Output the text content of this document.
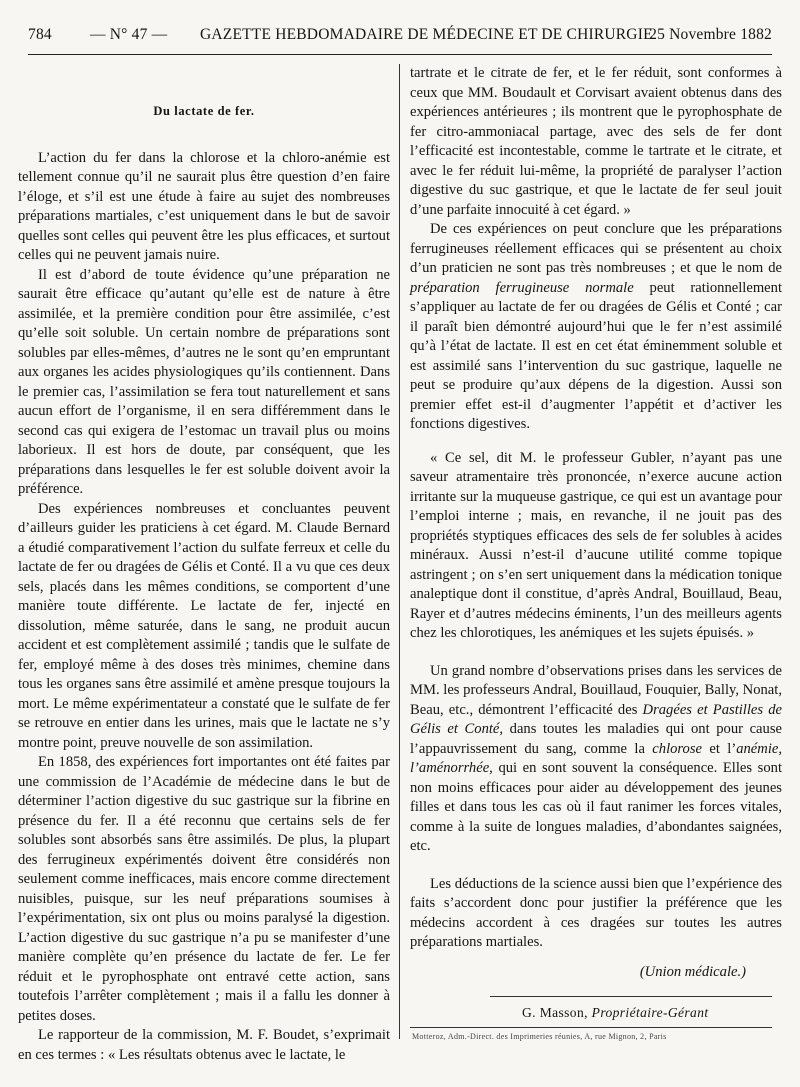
784 — N° 47 — GAZETTE HEBDOMADAIRE DE MÉDECINE ET DE CHIRURGIE
25 Novembre 1882

Du lactate de fer.

L’action du fer dans la chlorose et la chloro-anémie est tellement connue qu’il ne saurait plus être question d’en faire l’éloge, et s’il est une étude à faire au sujet des nombreuses préparations martiales, c’est uniquement dans le but de savoir quelles sont celles qui peuvent être les plus efficaces, et surtout celles qui ne peuvent jamais nuire.

Il est d’abord de toute évidence qu’une préparation ne saurait être efficace qu’autant qu’elle est de nature à être assimilée, et la première condition pour être assimilée, c’est qu’elle soit soluble. Un certain nombre de préparations sont solubles par elles-mêmes, d’autres ne le sont qu’en empruntant aux organes les acides physiologiques qu’ils contiennent. Dans le premier cas, l’assimilation se fera tout naturellement et sans aucun effort de l’organisme, il en sera différemment dans le second cas qui exigera de l’estomac un travail plus ou moins laborieux. Il est hors de doute, par conséquent, que les préparations dans lesquelles le fer est soluble doivent avoir la préférence.

Des expériences nombreuses et concluantes peuvent d’ailleurs guider les praticiens à cet égard. M. Claude Bernard a étudié comparativement l’action du sulfate ferreux et celle du lactate de fer ou dragées de Gélis et Conté. Il a vu que ces deux sels, placés dans les mêmes conditions, se comportent d’une manière toute différente. Le lactate de fer, injecté en dissolution, même saturée, dans le sang, ne produit aucun accident et est complètement assimilé ; tandis que le sulfate de fer, employé même à des doses très minimes, chemine dans tous les organes sans être assimilé et amène presque toujours la mort. Le même expérimentateur a constaté que le sulfate de fer se retrouve en entier dans les urines, mais que le lactate ne s’y montre point, preuve nouvelle de son assimilation.

En 1858, des expériences fort importantes ont été faites par une commission de l’Académie de médecine dans le but de déterminer l’action digestive du suc gastrique sur la fibrine en présence du fer. Il a été reconnu que certains sels de fer solubles sont absorbés sans être assimilés. De plus, la plupart des ferrugineux expérimentés doivent être considérés non seulement comme inefficaces, mais encore comme directement nuisibles, puisque, sur les neuf préparations soumises à l’expérimentation, six ont plus ou moins paralysé la digestion. L’action digestive du suc gastrique n’a pu se manifester d’une manière complète qu’en présence du lactate de fer. Le fer réduit et le pyrophosphate ont entravé cette action, sans toutefois l’arrêter complètement ; mais il a fallu les donner à petites doses.

Le rapporteur de la commission, M. F. Boudet, s’exprimait en ces termes : « Les résultats obtenus avec le lactate, le

tartrate et le citrate de fer, et le fer réduit, sont conformes à ceux que MM. Boudault et Corvisart avaient obtenus dans des expériences antérieures ; ils montrent que le pyrophosphate de fer citro-ammoniacal partage, avec des sels de fer dont l’efficacité est incontestable, comme le tartrate et le citrate, et avec le fer réduit lui-même, la propriété de paralyser l’action digestive du suc gastrique, et que le lactate de fer seul jouit d’une parfaite innocuité à cet égard. »

De ces expériences on peut conclure que les préparations ferrugineuses réellement efficaces qui se présentent au choix d’un praticien ne sont pas très nombreuses ; et que le nom de préparation ferrugineuse normale peut rationnellement s’appliquer au lactate de fer ou dragées de Gélis et Conté ; car il paraît bien démontré aujourd’hui que le fer n’est assimilé qu’à l’état de lactate. Il est en cet état éminemment soluble et est assimilé sans l’intervention du suc gastrique, laquelle ne peut se produire qu’aux dépens de la digestion. Aussi son premier effet est-il d’augmenter l’appétit et d’activer les fonctions digestives.

« Ce sel, dit M. le professeur Gubler, n’ayant pas une saveur atramentaire très prononcée, n’exerce aucune action irritante sur la muqueuse gastrique, ce qui est un avantage pour l’emploi interne ; mais, en revanche, il ne jouit pas des propriétés styptiques efficaces des sels de fer solubles à acides minéraux. Aussi n’est-il d’aucune utilité comme topique astringent ; on s’en sert uniquement dans la médication tonique analeptique dont il constitue, d’après Andral, Bouillaud, Beau, Rayer et d’autres médecins éminents, l’un des meilleurs agents chez les chlorotiques, les anémiques et les sujets épuisés. »

Un grand nombre d’observations prises dans les services de MM. les professeurs Andral, Bouillaud, Fouquier, Bally, Nonat, Beau, etc., démontrent l’efficacité des Dragées et Pastilles de Gélis et Conté, dans toutes les maladies qui ont pour cause l’appauvrissement du sang, comme la chlorose et l’anémie, l’aménorrhée, qui en sont souvent la conséquence. Elles sont non moins efficaces pour aider au développement des jeunes filles et dans tous les cas où il faut ranimer les forces vitales, comme à la suite de longues maladies, d’abondantes saignées, etc.

Les déductions de la science aussi bien que l’expérience des faits s’accordent donc pour justifier la préférence que les médecins accordent à ces dragées sur toutes les autres préparations martiales.

(Union médicale.)

G. Masson, Propriétaire-Gérant
Motteroz, Adm.-Direct. des Imprimeries réunies, A, rue Mignon, 2, Paris
